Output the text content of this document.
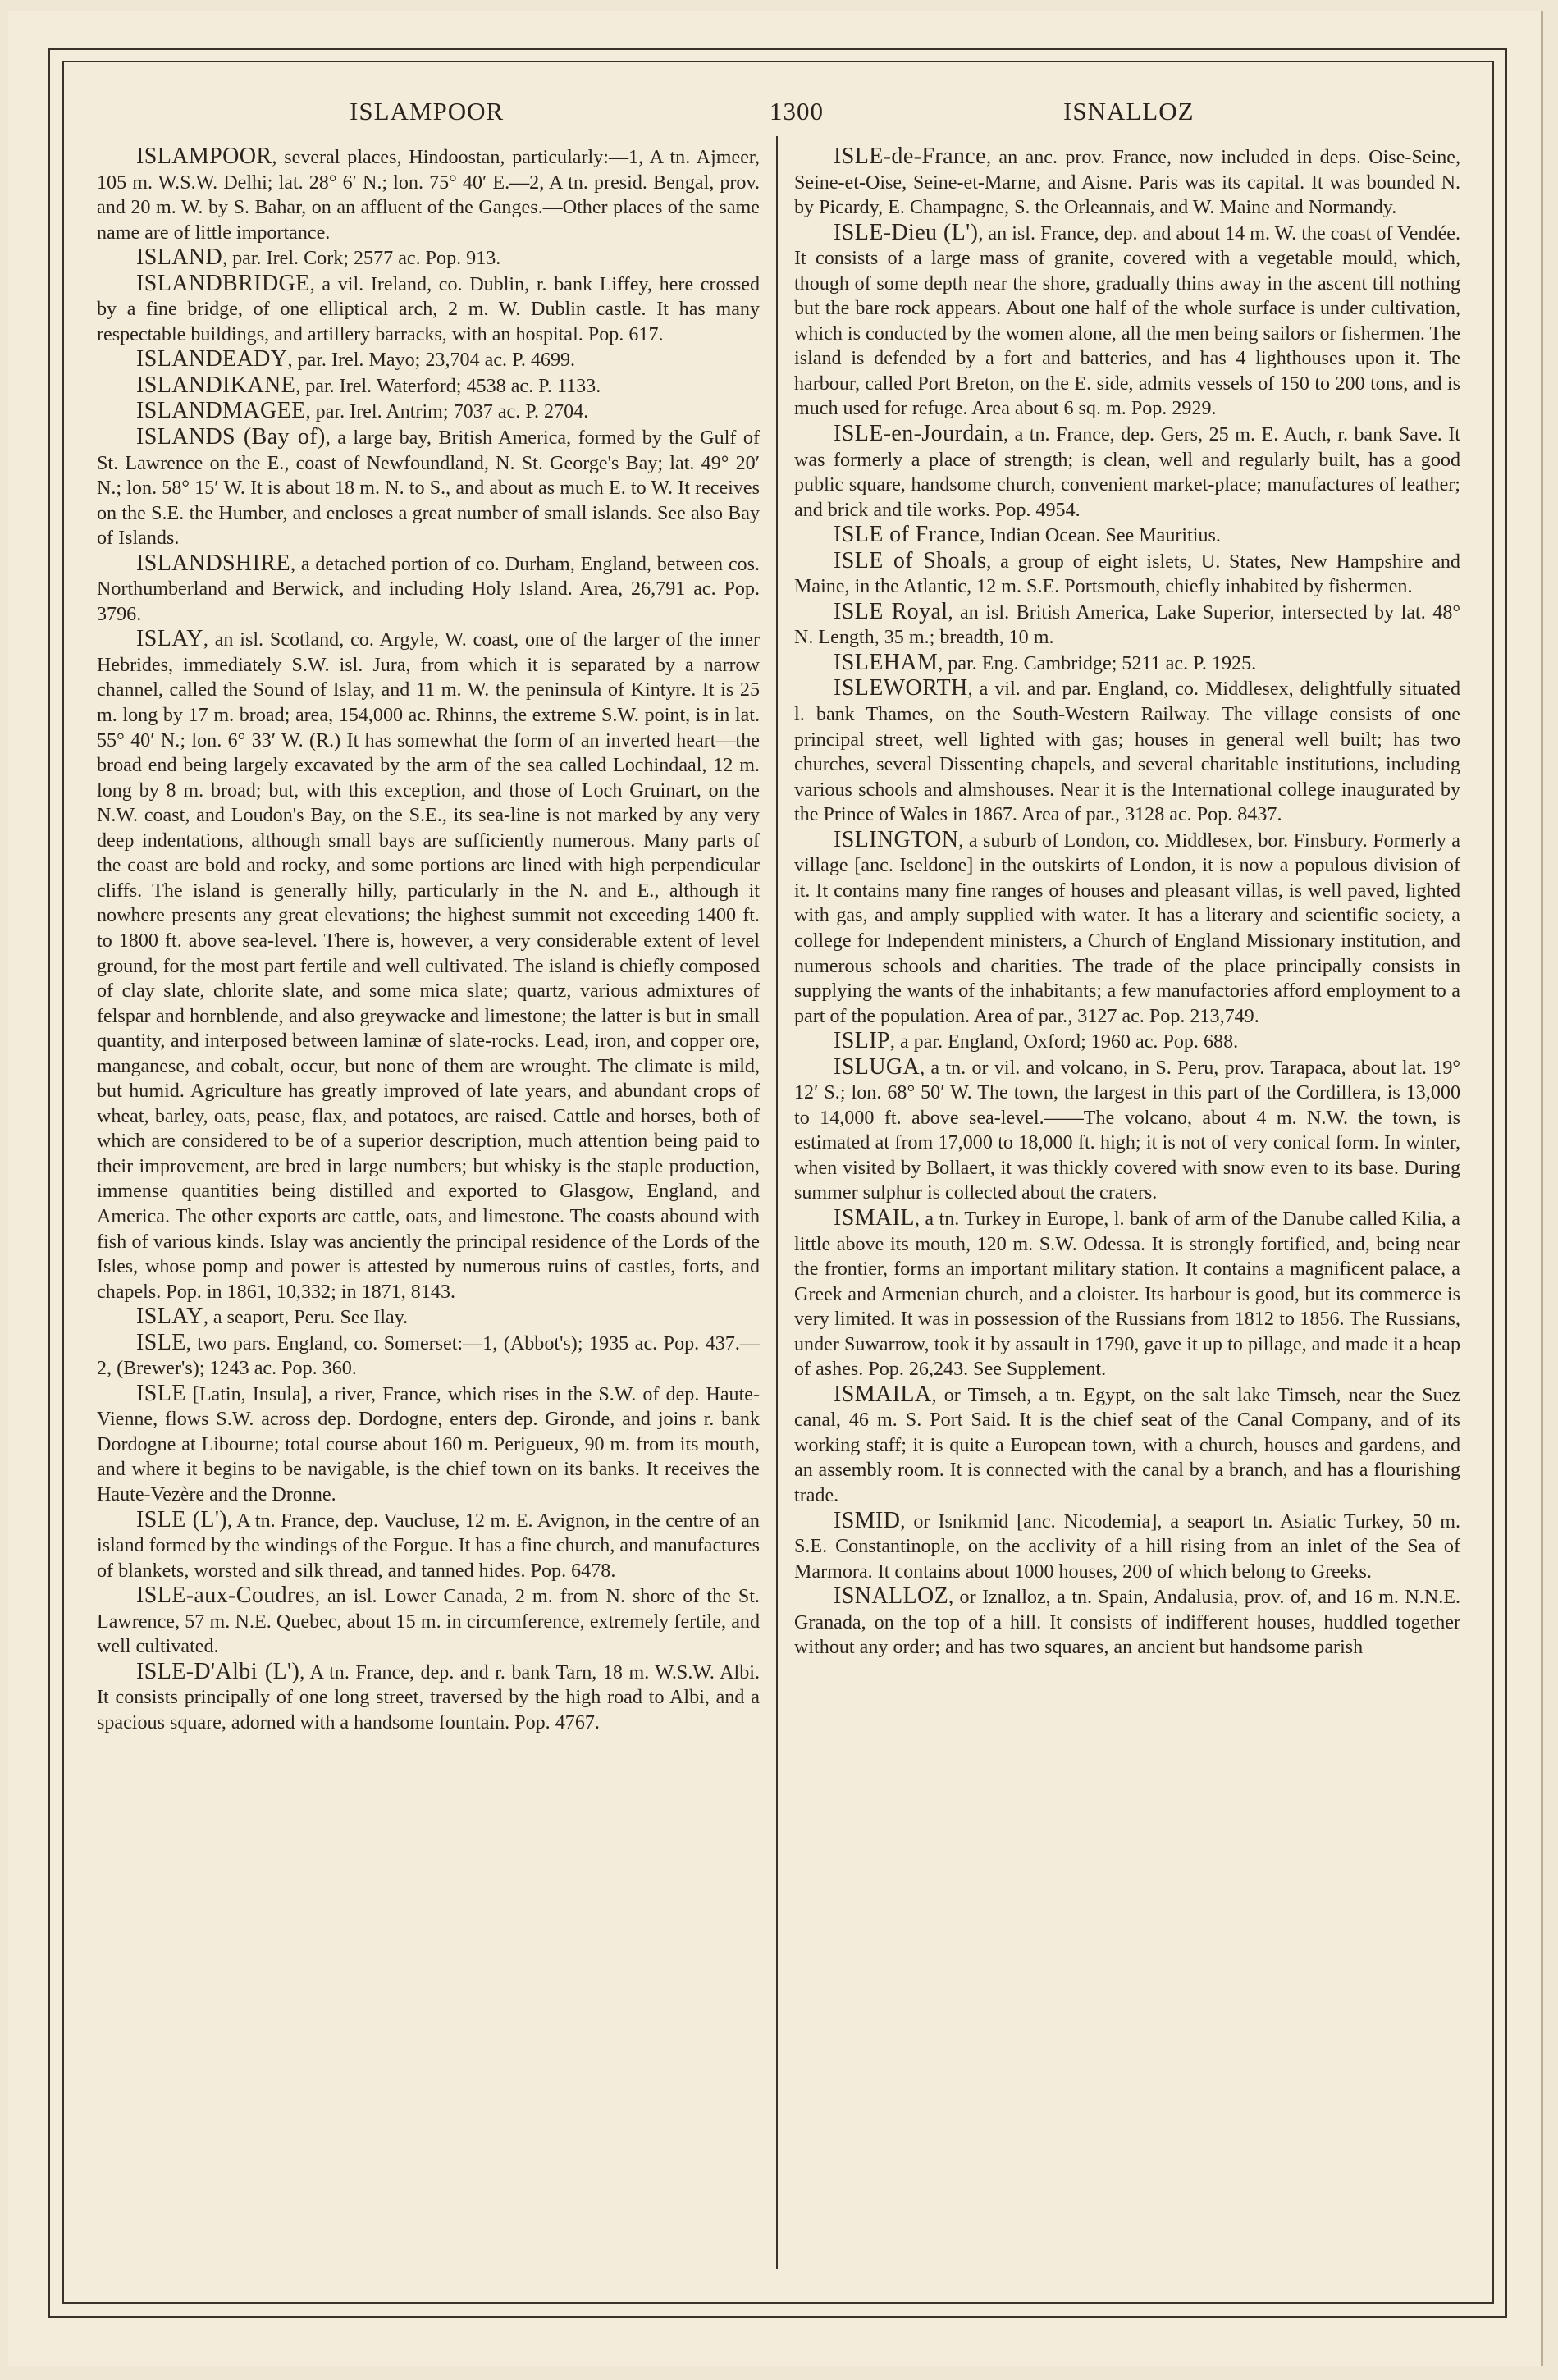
ISLAMPOOR	1300	ISNALLOZ

ISLAMPOOR, several places, Hindoostan, particularly:—1, A tn. Ajmeer, 105 m. W.S.W. Delhi; lat. 28° 6′ N.; lon. 75° 40′ E.—2, A tn. presid. Bengal, prov. and 20 m. W. by S. Bahar, on an affluent of the Ganges.—Other places of the same name are of little importance.

ISLAND, par. Irel. Cork; 2577 ac. Pop. 913.

ISLANDBRIDGE, a vil. Ireland, co. Dublin, r. bank Liffey, here crossed by a fine bridge, of one elliptical arch, 2 m. W. Dublin castle. It has many respectable buildings, and artillery barracks, with an hospital. Pop. 617.

ISLANDEADY, par. Irel. Mayo; 23,704 ac. P. 4699.

ISLANDIKANE, par. Irel. Waterford; 4538 ac. P. 1133.

ISLANDMAGEE, par. Irel. Antrim; 7037 ac. P. 2704.

ISLANDS (Bay of), a large bay, British America, formed by the Gulf of St. Lawrence on the E., coast of Newfoundland, N. St. George's Bay; lat. 49° 20′ N.; lon. 58° 15′ W. It is about 18 m. N. to S., and about as much E. to W. It receives on the S.E. the Humber, and encloses a great number of small islands. See also Bay of Islands.

ISLANDSHIRE, a detached portion of co. Durham, England, between cos. Northumberland and Berwick, and including Holy Island. Area, 26,791 ac. Pop. 3796.

ISLAY, an isl. Scotland, co. Argyle, W. coast, one of the larger of the inner Hebrides, immediately S.W. isl. Jura, from which it is separated by a narrow channel, called the Sound of Islay, and 11 m. W. the peninsula of Kintyre. It is 25 m. long by 17 m. broad; area, 154,000 ac. Rhinns, the extreme S.W. point, is in lat. 55° 40′ N.; lon. 6° 33′ W. (R.) It has somewhat the form of an inverted heart—the broad end being largely excavated by the arm of the sea called Lochindaal, 12 m. long by 8 m. broad; but, with this exception, and those of Loch Gruinart, on the N.W. coast, and Loudon's Bay, on the S.E., its sea-line is not marked by any very deep indentations, although small bays are sufficiently numerous. Many parts of the coast are bold and rocky, and some portions are lined with high perpendicular cliffs. The island is generally hilly, particularly in the N. and E., although it nowhere presents any great elevations; the highest summit not exceeding 1400 ft. to 1800 ft. above sea-level. There is, however, a very considerable extent of level ground, for the most part fertile and well cultivated. The island is chiefly composed of clay slate, chlorite slate, and some mica slate; quartz, various admixtures of felspar and hornblende, and also greywacke and limestone; the latter is but in small quantity, and interposed between laminæ of slate-rocks. Lead, iron, and copper ore, manganese, and cobalt, occur, but none of them are wrought. The climate is mild, but humid. Agriculture has greatly improved of late years, and abundant crops of wheat, barley, oats, pease, flax, and potatoes, are raised. Cattle and horses, both of which are considered to be of a superior description, much attention being paid to their improvement, are bred in large numbers; but whisky is the staple production, immense quantities being distilled and exported to Glasgow, England, and America. The other exports are cattle, oats, and limestone. The coasts abound with fish of various kinds. Islay was anciently the principal residence of the Lords of the Isles, whose pomp and power is attested by numerous ruins of castles, forts, and chapels. Pop. in 1861, 10,332; in 1871, 8143.

ISLAY, a seaport, Peru. See Ilay.

ISLE, two pars. England, co. Somerset:—1, (Abbot's); 1935 ac. Pop. 437.—2, (Brewer's); 1243 ac. Pop. 360.

ISLE [Latin, Insula], a river, France, which rises in the S.W. of dep. Haute-Vienne, flows S.W. across dep. Dordogne, enters dep. Gironde, and joins r. bank Dordogne at Libourne; total course about 160 m. Perigueux, 90 m. from its mouth, and where it begins to be navigable, is the chief town on its banks. It receives the Haute-Vezère and the Dronne.

ISLE (L'), A tn. France, dep. Vaucluse, 12 m. E. Avignon, in the centre of an island formed by the windings of the Forgue. It has a fine church, and manufactures of blankets, worsted and silk thread, and tanned hides. Pop. 6478.

ISLE-aux-Coudres, an isl. Lower Canada, 2 m. from N. shore of the St. Lawrence, 57 m. N.E. Quebec, about 15 m. in circumference, extremely fertile, and well cultivated.

ISLE-D'Albi (L'), A tn. France, dep. and r. bank Tarn, 18 m. W.S.W. Albi. It consists principally of one long street, traversed by the high road to Albi, and a spacious square, adorned with a handsome fountain. Pop. 4767.

ISLE-de-France, an anc. prov. France, now included in deps. Oise-Seine, Seine-et-Oise, Seine-et-Marne, and Aisne. Paris was its capital. It was bounded N. by Picardy, E. Champagne, S. the Orleannais, and W. Maine and Normandy.

ISLE-Dieu (L'), an isl. France, dep. and about 14 m. W. the coast of Vendée. It consists of a large mass of granite, covered with a vegetable mould, which, though of some depth near the shore, gradually thins away in the ascent till nothing but the bare rock appears. About one half of the whole surface is under cultivation, which is conducted by the women alone, all the men being sailors or fishermen. The island is defended by a fort and batteries, and has 4 lighthouses upon it. The harbour, called Port Breton, on the E. side, admits vessels of 150 to 200 tons, and is much used for refuge. Area about 6 sq. m. Pop. 2929.

ISLE-en-Jourdain, a tn. France, dep. Gers, 25 m. E. Auch, r. bank Save. It was formerly a place of strength; is clean, well and regularly built, has a good public square, handsome church, convenient market-place; manufactures of leather; and brick and tile works. Pop. 4954.

ISLE of France, Indian Ocean. See Mauritius.

ISLE of Shoals, a group of eight islets, U. States, New Hampshire and Maine, in the Atlantic, 12 m. S.E. Portsmouth, chiefly inhabited by fishermen.

ISLE Royal, an isl. British America, Lake Superior, intersected by lat. 48° N. Length, 35 m.; breadth, 10 m.

ISLEHAM, par. Eng. Cambridge; 5211 ac. P. 1925.

ISLEWORTH, a vil. and par. England, co. Middlesex, delightfully situated l. bank Thames, on the South-Western Railway. The village consists of one principal street, well lighted with gas; houses in general well built; has two churches, several Dissenting chapels, and several charitable institutions, including various schools and almshouses. Near it is the International college inaugurated by the Prince of Wales in 1867. Area of par., 3128 ac. Pop. 8437.

ISLINGTON, a suburb of London, co. Middlesex, bor. Finsbury. Formerly a village [anc. Iseldone] in the outskirts of London, it is now a populous division of it. It contains many fine ranges of houses and pleasant villas, is well paved, lighted with gas, and amply supplied with water. It has a literary and scientific society, a college for Independent ministers, a Church of England Missionary institution, and numerous schools and charities. The trade of the place principally consists in supplying the wants of the inhabitants; a few manufactories afford employment to a part of the population. Area of par., 3127 ac. Pop. 213,749.

ISLIP, a par. England, Oxford; 1960 ac. Pop. 688.

ISLUGA, a tn. or vil. and volcano, in S. Peru, prov. Tarapaca, about lat. 19° 12′ S.; lon. 68° 50′ W. The town, the largest in this part of the Cordillera, is 13,000 to 14,000 ft. above sea-level.——The volcano, about 4 m. N.W. the town, is estimated at from 17,000 to 18,000 ft. high; it is not of very conical form. In winter, when visited by Bollaert, it was thickly covered with snow even to its base. During summer sulphur is collected about the craters.

ISMAIL, a tn. Turkey in Europe, l. bank of arm of the Danube called Kilia, a little above its mouth, 120 m. S.W. Odessa. It is strongly fortified, and, being near the frontier, forms an important military station. It contains a magnificent palace, a Greek and Armenian church, and a cloister. Its harbour is good, but its commerce is very limited. It was in possession of the Russians from 1812 to 1856. The Russians, under Suwarrow, took it by assault in 1790, gave it up to pillage, and made it a heap of ashes. Pop. 26,243. See Supplement.

ISMAILA, or Timseh, a tn. Egypt, on the salt lake Timseh, near the Suez canal, 46 m. S. Port Said. It is the chief seat of the Canal Company, and of its working staff; it is quite a European town, with a church, houses and gardens, and an assembly room. It is connected with the canal by a branch, and has a flourishing trade.

ISMID, or Isnikmid [anc. Nicodemia], a seaport tn. Asiatic Turkey, 50 m. S.E. Constantinople, on the acclivity of a hill rising from an inlet of the Sea of Marmora. It contains about 1000 houses, 200 of which belong to Greeks.

ISNALLOZ, or Iznalloz, a tn. Spain, Andalusia, prov. of, and 16 m. N.N.E. Granada, on the top of a hill. It consists of indifferent houses, huddled together without any order; and has two squares, an ancient but handsome parish
